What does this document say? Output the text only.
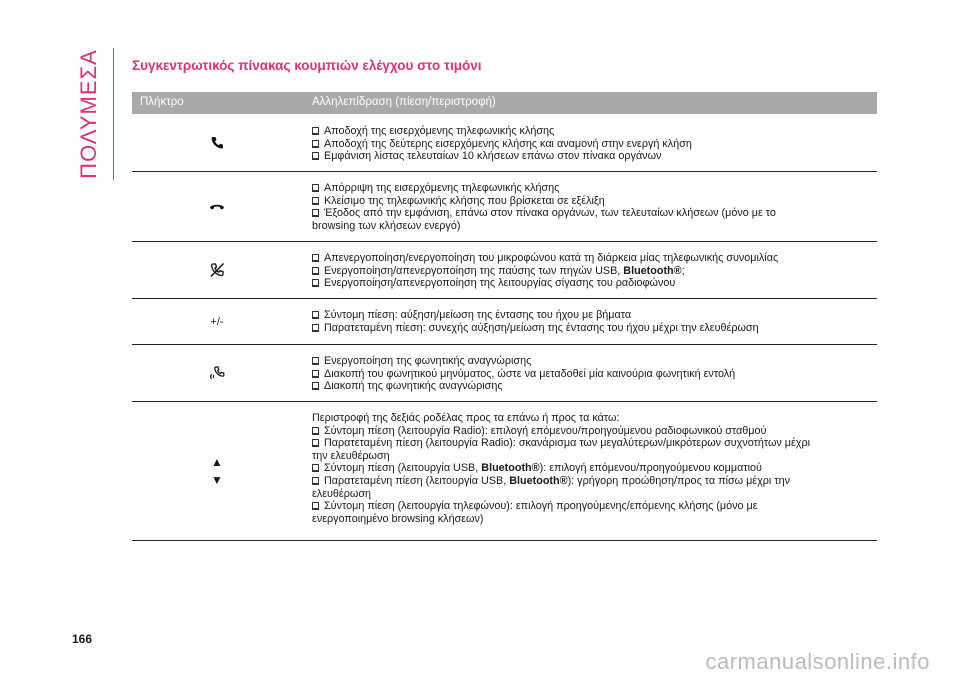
ΠΟΛΥΜΕΣΑ Συγκεντρωτικός πίνακας κουμπιών ελέγχου στο τιμόνι
Πλήκτρο	Αλληλεπίδραση (πίεση/περιστροφή)

Αποδοχή της εισερχόμενης τηλεφωνικής κλήσης

Αποδοχή της δεύτερης εισερχόμενης κλήσης και αναμονή στην ενεργή κλήση

Εμφάνιση λίστας τελευταίων 10 κλήσεων επάνω στον πίνακα οργάνων

Απόρριψη της εισερχόμενης τηλεφωνικής κλήσης

Κλείσιμο της τηλεφωνικής κλήσης που βρίσκεται σε εξέλιξη

Έξοδος από την εμφάνιση, επάνω στον πίνακα οργάνων, των τελευταίων κλήσεων (μόνο με το

browsing των κλήσεων ενεργό)

Απενεργοποίηση/ενεργοποίηση του μικροφώνου κατά τη διάρκεια μίας τηλεφωνικής συνομιλίας

Ενεργοποίηση/απενεργοποίηση της παύσης των πηγών USB, Bluetooth®;

Ενεργοποίηση/απενεργοποίηση της λειτουργίας σίγασης του ραδιοφώνου

+/-

Σύντομη πίεση: αύξηση/μείωση της έντασης του ήχου με βήματα

Παρατεταμένη πίεση: συνεχής αύξηση/μείωση της έντασης του ήχου μέχρι την ελευθέρωση

Ενεργοποίηση της φωνητικής αναγνώρισης

Διακοπή του φωνητικού μηνύματος, ώστε να μεταδοθεί μία καινούρια φωνητική εντολή

Διακοπή της φωνητικής αναγνώρισης

▲
▼

Περιστροφή της δεξιάς ροδέλας προς τα επάνω ή προς τα κάτω:

Σύντομη πίεση (λειτουργία Radio): επιλογή επόμενου/προηγούμενου ραδιοφωνικού σταθμού

Παρατεταμένη πίεση (λειτουργία Radio): σκανάρισμα των μεγαλύτερων/μικρότερων συχνοτήτων μέχρι

την ελευθέρωση

Σύντομη πίεση (λειτουργία USB, Bluetooth®): επιλογή επόμενου/προηγούμενου κομματιού

Παρατεταμένη πίεση (λειτουργία USB, Bluetooth®): γρήγορη προώθηση/προς τα πίσω μέχρι την

ελευθέρωση

Σύντομη πίεση (λειτουργία τηλεφώνου): επιλογή προηγούμενης/επόμενης κλήσης (μόνο με

ενεργοποιημένο browsing κλήσεων)

166
carmanualsonline.info
